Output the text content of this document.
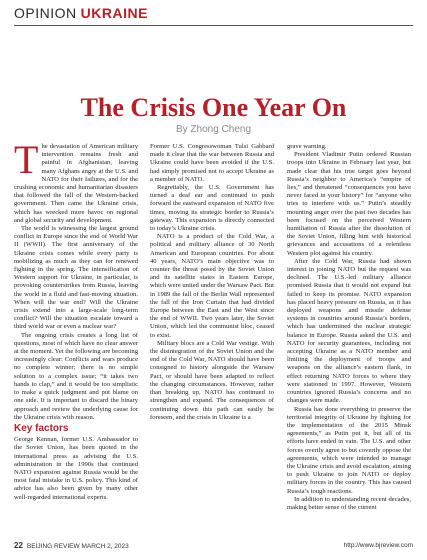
OPINION UKRAINE
The Crisis One Year On
By Zhong Cheng

The devastation of American military intervention remains fresh and painful in Afghanistan, leaving many Afghans angry at the U.S. and NATO for their failures, and for the crushing economic and humanitarian disasters that followed the fall of the Western-backed government. Then came the Ukraine crisis, which has wrecked more havoc on regional and global security and development.

The world is witnessing the largest ground conflict in Europe since the end of World War II (WWII). The first anniversary of the Ukraine crisis comes while every party is mobilizing as much as they can for renewed fighting in the spring. The intensification of Western support for Ukraine, in particular, is provoking counterstrikes from Russia, leaving the world in a fluid and fast-moving situation. When will the war end? Will the Ukraine crisis extend into a large-scale long-term conflict? Will the situation escalate toward a third world war or even a nuclear war?

The ongoing crisis creates a long list of questions, most of which have no clear answer at the moment. Yet the following are becoming increasingly clear: Conflicts and wars produce no complete winner; there is no simple solution to a complex issue; “it takes two hands to clap,” and it would be too simplistic to make a quick judgment and put blame on one side. It is important to discard the binary approach and review the underlying cause for the Ukraine crisis with reason.

Key factors

George Kennan, former U.S. Ambassador to the Soviet Union, has been quoted in the international press as advising the U.S. administration in the 1990s that continued NATO expansion against Russia would be the most fatal mistake in U.S. policy. This kind of advice has also been given by many other well-regarded international experts.

Former U.S. Congresswoman Tulsi Gabbard made it clear that the war between Russia and Ukraine could have been avoided if the U.S. had simply promised not to accept Ukraine as a member of NATO.

Regrettably, the U.S. Government has turned a deaf ear and continued to push forward the eastward expansion of NATO five times, moving its strategic border to Russia’s gateway. This expansion is directly connected to today’s Ukraine crisis.

NATO is a product of the Cold War, a political and military alliance of 30 North American and European countries. For about 40 years, NATO’s main objective was to counter the threat posed by the Soviet Union and its satellite states in Eastern Europe, which were united under the Warsaw Pact. But in 1989 the fall of the Berlin Wall represented the fall of the Iron Curtain that had divided Europe between the East and the West since the end of WWII. Two years later, the Soviet Union, which led the communist bloc, ceased to exist.

Military blocs are a Cold War vestige. With the disintegration of the Soviet Union and the end of the Cold War, NATO should have been consigned to history alongside the Warsaw Pact, or should have been adapted to reflect the changing circumstances. However, rather than breaking up, NATO has continued to strengthen and expand. The consequences of continuing down this path can easily be foreseen, and the crisis in Ukraine is a

grave warning.

President Vladimir Putin ordered Russian troops into Ukraine in February last year, but made clear that his true target goes beyond Russia’s neighbor to America’s “empire of lies,” and threatened “consequences you have never faced in your history” for “anyone who tries to interfere with us.” Putin’s steadily mounting anger over the past two decades has been focused on the perceived Western humiliation of Russia after the dissolution of the Soviet Union, filling him with historical grievances and accusations of a relentless Western plot against his country.

After the Cold War, Russia had shown interest in joining NATO but the request was declined. The U.S.-led military alliance promised Russia that it would not expand but failed to keep its promise. NATO expansion has placed heavy pressure on Russia, as it has deployed weapons and missile defense systems in countries around Russia’s borders, which has undermined the nuclear strategic balance in Europe. Russia asked the U.S. and NATO for security guarantees, including not accepting Ukraine as a NATO member and limiting the deployment of troops and weapons on the alliance’s eastern flank, in effect returning NATO forces to where they were stationed in 1997. However, Western countries ignored Russia’s concerns and no changes were made.

Russia has done everything to preserve the territorial integrity of Ukraine by fighting for the implementation of the 2015 Minsk agreements,” as Putin put it, but all of its efforts have ended in vain. The U.S. and other forces overtly agree to but covertly oppose the agreements, which were intended to manage the Ukraine crisis and avoid escalation, aiming to push Ukraine to join NATO or deploy military forces in the country. This has caused Russia’s tough reactions.

In addition to understanding recent decades, making better sense of the current

22 BEIJING REVIEW MARCH 2, 2023	http://www.bjreview.com
